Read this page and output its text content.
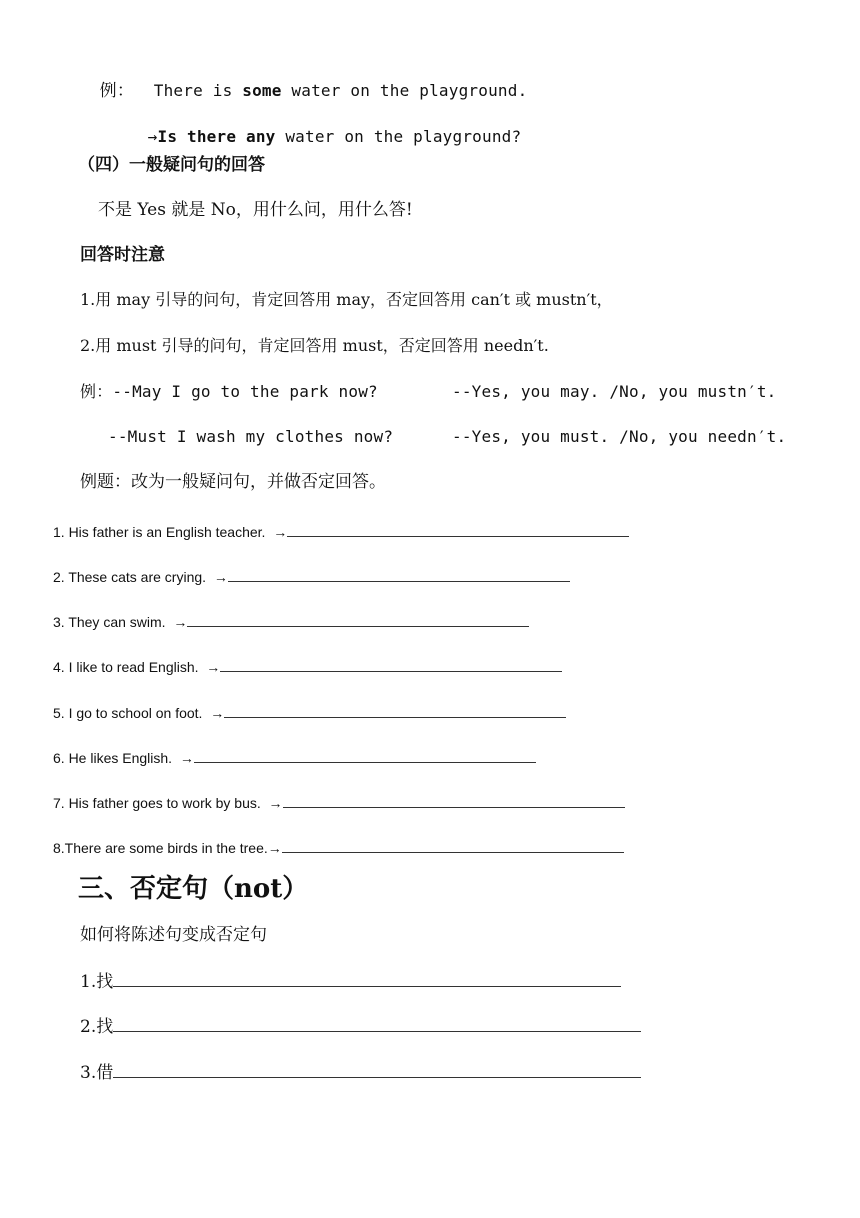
例： There is some water on the playground.

→Is there any water on the playground?

（四）一般疑问句的回答
不是 Yes 就是 No，用什么问，用什么答!
回答时注意
1.用 may 引导的问句，肯定回答用 may，否定回答用 can′t 或 mustn′t，
2.用 must 引导的问句，肯定回答用 must，否定回答用 needn′t.
例：--May I go to the park now?	--Yes, you may. /No, you mustn′t.
--Must I wash my clothes now?	--Yes, you must. /No, you needn′t.
例题：改为一般疑问句，并做否定回答。
1. His father is an English teacher.  →
2. These cats are crying.  →
3. They can swim.  →
4. I like to read English.  →
5. I go to school on foot.  →
6. He likes English.  →
7. His father goes to work by bus.  →
8.There are some birds in the tree.→
三、否定句（not）
如何将陈述句变成否定句
1.找
2.找
3.借
